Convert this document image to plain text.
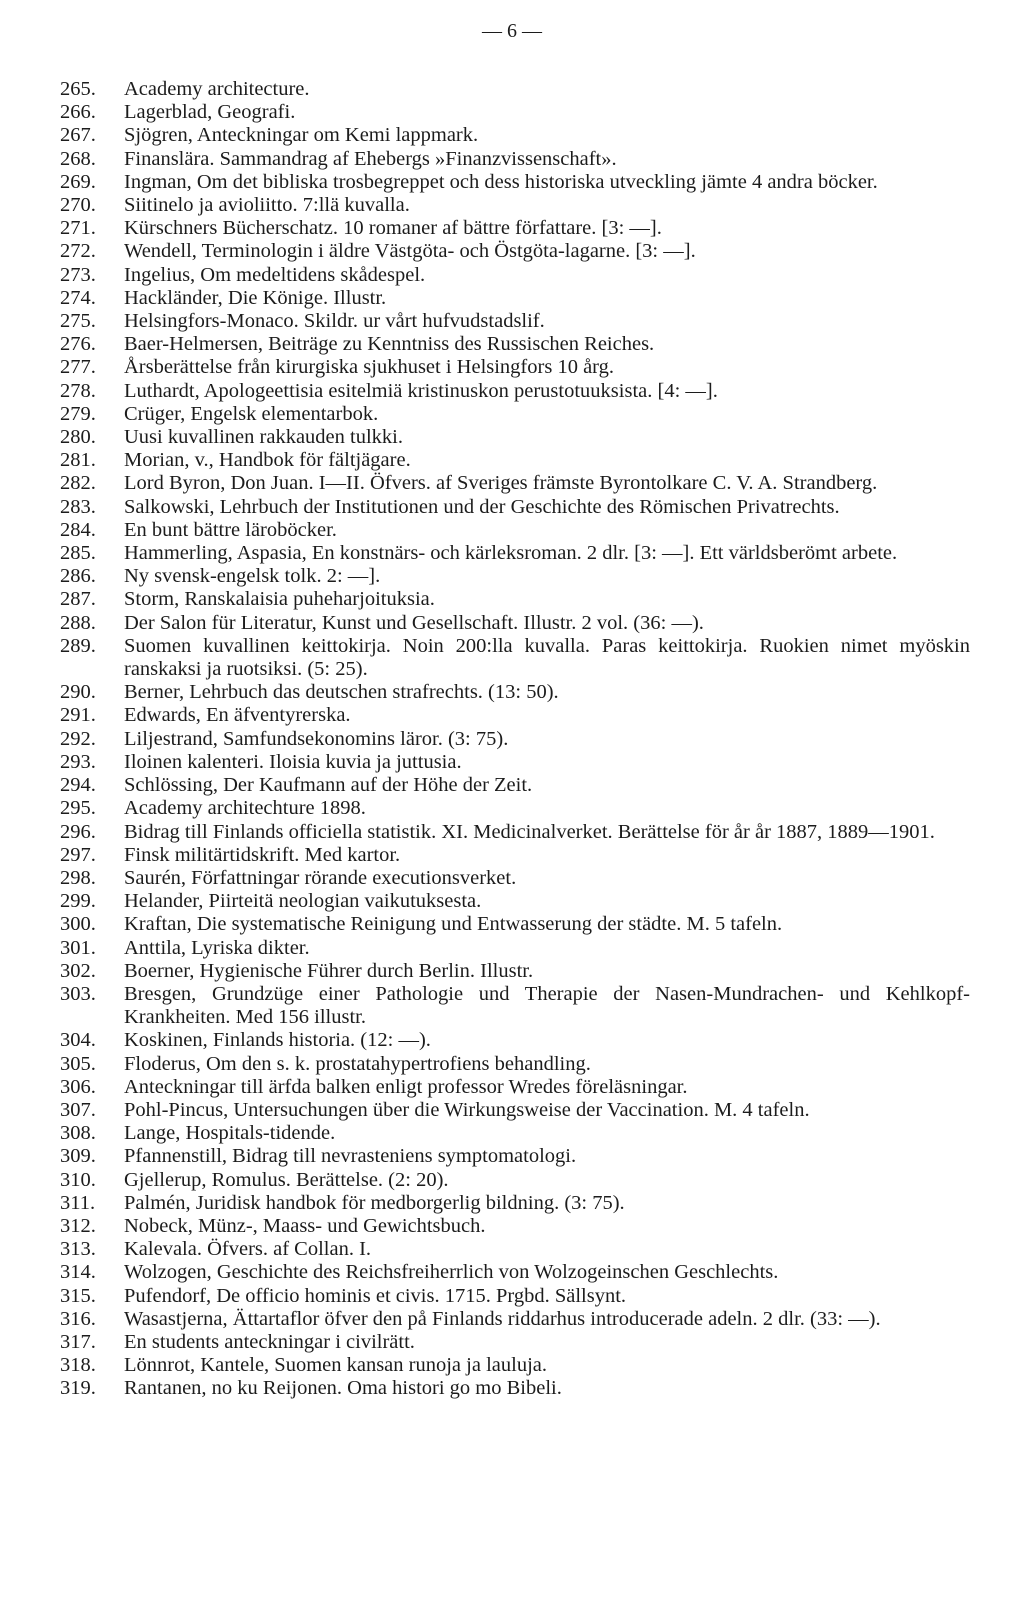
— 6 —
265.	Academy architecture.
266.	Lagerblad, Geografi.
267.	Sjögren, Anteckningar om Kemi lappmark.
268.	Finanslära. Sammandrag af Ehebergs »Finanzvissenschaft».
269.	Ingman, Om det bibliska trosbegreppet och dess historiska utveckling jämte 4 andra böcker.
270.	Siitinelo ja avioliitto. 7:llä kuvalla.
271.	Kürschners Bücherschatz. 10 romaner af bättre författare. [3: —].
272.	Wendell, Terminologin i äldre Västgöta- och Östgöta-lagarne. [3: —].
273.	Ingelius, Om medeltidens skådespel.
274.	Hackländer, Die Könige. Illustr.
275.	Helsingfors-Monaco. Skildr. ur vårt hufvudstadslif.
276.	Baer-Helmersen, Beiträge zu Kenntniss des Russischen Reiches.
277.	Årsberättelse från kirurgiska sjukhuset i Helsingfors 10 årg.
278.	Luthardt, Apologeettisia esitelmiä kristinuskon perustotuuksista. [4: —].
279.	Crüger, Engelsk elementarbok.
280.	Uusi kuvallinen rakkauden tulkki.
281.	Morian, v., Handbok för fältjägare.
282.	Lord Byron, Don Juan. I—II. Öfvers. af Sveriges främste Byrontolkare C. V. A. Strandberg.
283.	Salkowski, Lehrbuch der Institutionen und der Geschichte des Römischen Privatrechts.
284.	En bunt bättre läroböcker.
285.	Hammerling, Aspasia, En konstnärs- och kärleksroman. 2 dlr. [3: —]. Ett världsberömt arbete.
286.	Ny svensk-engelsk tolk. 2: —].
287.	Storm, Ranskalaisia puheharjoituksia.
288.	Der Salon für Literatur, Kunst und Gesellschaft. Illustr. 2 vol. (36: —).
289.	Suomen kuvallinen keittokirja. Noin 200:lla kuvalla. Paras keittokirja. Ruokien nimet myöskin ranskaksi ja ruotsiksi. (5: 25).
290.	Berner, Lehrbuch das deutschen strafrechts. (13: 50).
291.	Edwards, En äfventyrerska.
292.	Liljestrand, Samfundsekonomins läror. (3: 75).
293.	Iloinen kalenteri. Iloisia kuvia ja juttusia.
294.	Schlössing, Der Kaufmann auf der Höhe der Zeit.
295.	Academy architechture 1898.
296.	Bidrag till Finlands officiella statistik. XI. Medicinalverket. Berättelse för år år 1887, 1889—1901.
297.	Finsk militärtidskrift. Med kartor.
298.	Saurén, Författningar rörande executionsverket.
299.	Helander, Piirteitä neologian vaikutuksesta.
300.	Kraftan, Die systematische Reinigung und Entwasserung der städte. M. 5 tafeln.
301.	Anttila, Lyriska dikter.
302.	Boerner, Hygienische Führer durch Berlin. Illustr.
303.	Bresgen, Grundzüge einer Pathologie und Therapie der Nasen-Mundrachen- und Kehlkopf-Krankheiten. Med 156 illustr.
304.	Koskinen, Finlands historia. (12: —).
305.	Floderus, Om den s. k. prostatahypertrofiens behandling.
306.	Anteckningar till ärfda balken enligt professor Wredes föreläsningar.
307.	Pohl-Pincus, Untersuchungen über die Wirkungsweise der Vaccination. M. 4 tafeln.
308.	Lange, Hospitals-tidende.
309.	Pfannenstill, Bidrag till nevrasteniens symptomatologi.
310.	Gjellerup, Romulus. Berättelse. (2: 20).
311.	Palmén, Juridisk handbok för medborgerlig bildning. (3: 75).
312.	Nobeck, Münz-, Maass- und Gewichtsbuch.
313.	Kalevala. Öfvers. af Collan. I.
314.	Wolzogen, Geschichte des Reichsfreiherrlich von Wolzogeinschen Geschlechts.
315.	Pufendorf, De officio hominis et civis. 1715. Prgbd. Sällsynt.
316.	Wasastjerna, Ättartaflor öfver den på Finlands riddarhus introducerade adeln. 2 dlr. (33: —).
317.	En students anteckningar i civilrätt.
318.	Lönnrot, Kantele, Suomen kansan runoja ja lauluja.
319.	Rantanen, no ku Reijonen. Oma histori go mo Bibeli.
